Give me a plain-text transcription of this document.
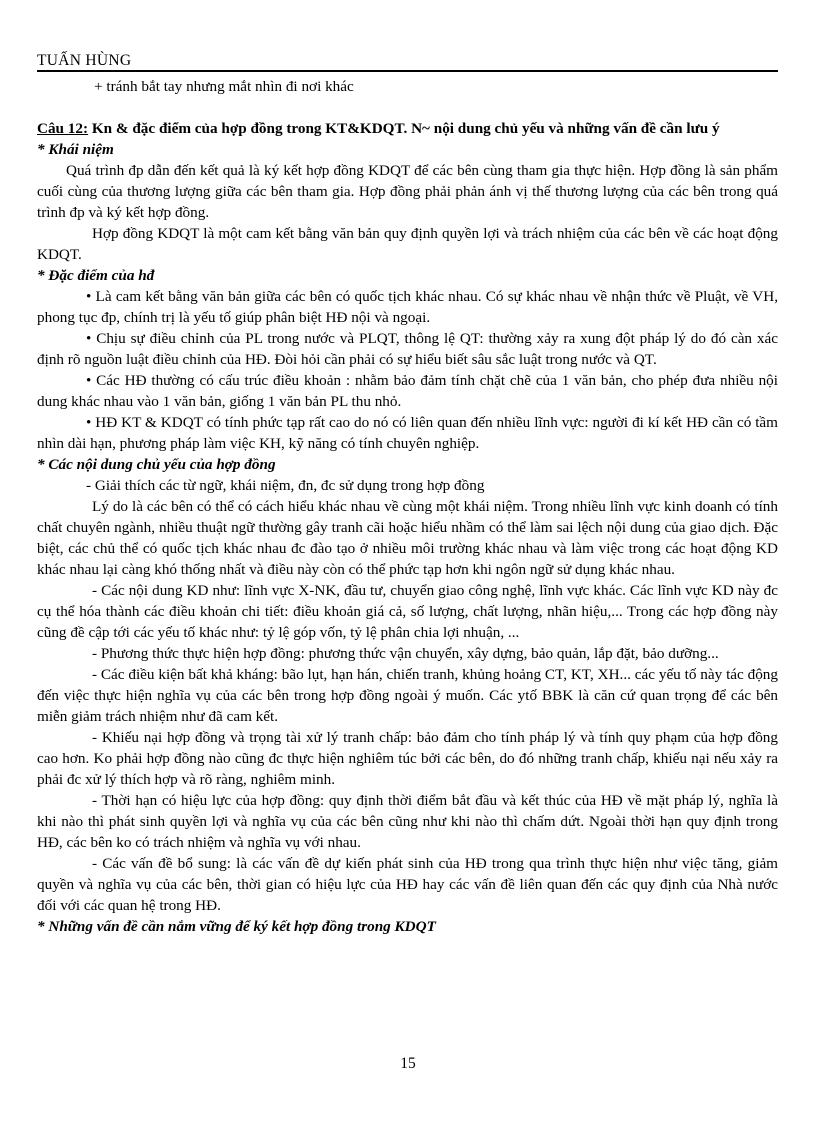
TUẤN HÙNG

+ tránh bắt tay nhưng mắt nhìn đi nơi khác

Câu 12: Kn & đặc điểm của hợp đồng trong KT&KDQT. N~ nội dung chủ yếu và những vấn đề cần lưu ý

* Khái niệm

Quá trình đp dẫn đến kết quả là ký kết hợp đồng KDQT để các bên cùng tham gia thực hiện. Hợp đồng là sản phẩm cuối cùng của thương lượng giữa các bên tham gia. Hợp đồng phải phản ánh vị thế thương lượng của các bên trong quá trình đp và ký kết hợp đồng.

Hợp đồng KDQT là một cam kết bằng văn bản quy định quyền lợi và trách nhiệm của các bên về các hoạt động KDQT.

* Đặc điểm của hđ

• Là cam kết bằng văn bản giữa các bên có quốc tịch khác nhau. Có sự khác nhau về nhận thức về Pluật, về VH, phong tục đp, chính trị là yếu tố giúp phân biệt HĐ nội và ngoại.

• Chịu sự điều chỉnh của PL trong nước và PLQT, thông lệ QT: thường xảy ra xung đột pháp lý do đó càn xác định rõ nguồn luật điều chỉnh của HĐ. Đòi hỏi cần phải có sự hiểu biết sâu sắc luật trong nước và QT.

• Các HĐ thường có cấu trúc điều khoản : nhằm bảo đảm tính chặt chẽ của 1 văn bản, cho phép đưa nhiều nội dung khác nhau vào 1 văn bản, giống 1 văn bản PL thu nhỏ.

• HĐ KT & KDQT có tính phức tạp rất cao do nó có liên quan đến nhiều lĩnh vực: người đi kí kết HĐ cần có tầm nhìn dài hạn, phương pháp làm việc KH, kỹ năng có tính chuyên nghiệp.

* Các nội dung chủ yếu của hợp đồng

- Giải thích các từ ngữ, khái niệm, đn, đc sử dụng trong hợp đồng

Lý do là các bên có thể có cách hiểu khác nhau về cùng một khái niệm. Trong nhiều lĩnh vực kinh doanh có tính chất chuyên ngành, nhiều thuật ngữ thường gây tranh cãi hoặc hiểu nhầm có thể làm sai lệch nội dung của giao dịch. Đặc biệt, các chủ thể có quốc tịch khác nhau đc đào tạo ở nhiều môi trường khác nhau và làm việc trong các hoạt động KD khác nhau lại càng khó thống nhất và điều này còn có thể phức tạp hơn khi ngôn ngữ sử dụng khác nhau.

- Các nội dung KD như: lĩnh vực X-NK, đầu tư, chuyển giao công nghệ, lĩnh vực khác. Các lĩnh vực KD này đc cụ thể hóa thành các điều khoản chi tiết: điều khoản giá cả, số lượng, chất lượng, nhãn hiệu,... Trong các hợp đồng này cũng đề cập tới các yếu tố khác như: tỷ lệ góp vốn, tỷ lệ phân chia lợi nhuận, ...

- Phương thức thực hiện hợp đồng: phương thức vận chuyển, xây dựng, bảo quản, lắp đặt, bảo dưỡng...

- Các điều kiện bất khả kháng: bão lụt, hạn hán, chiến tranh, khủng hoảng CT, KT, XH... các yếu tố này tác động đến việc thực hiện nghĩa vụ của các bên trong hợp đồng ngoài ý muốn. Các ytố BBK là căn cứ quan trọng để các bên miễn giảm trách nhiệm như đã cam kết.

- Khiếu nại hợp đồng và trọng tài xử lý tranh chấp: bảo đảm cho tính pháp lý và tính quy phạm của hợp đồng cao hơn. Ko phải hợp đồng nào cũng đc thực hiện nghiêm túc bởi các bên, do đó những tranh chấp, khiếu nại nếu xảy ra phải đc xử lý thích hợp và rõ ràng, nghiêm minh.

- Thời hạn có hiệu lực của hợp đồng: quy định thời điểm bắt đầu và kết thúc của HĐ về mặt pháp lý, nghĩa là khi nào thì phát sinh quyền lợi và nghĩa vụ của các bên cũng như khi nào thì chấm dứt. Ngoài thời hạn quy định trong HĐ, các bên ko có trách nhiệm và nghĩa vụ với nhau.

- Các vấn đề bổ sung: là các vấn đề dự kiến phát sinh của HĐ trong qua trình thực hiện như việc tăng, giảm quyền và nghĩa vụ của các bên, thời gian có hiệu lực của HĐ hay các vấn đề liên quan đến các quy định của Nhà nước đối với các quan hệ trong HĐ.

* Những vấn đề cần nắm vững để ký kết hợp đồng trong KDQT

15
